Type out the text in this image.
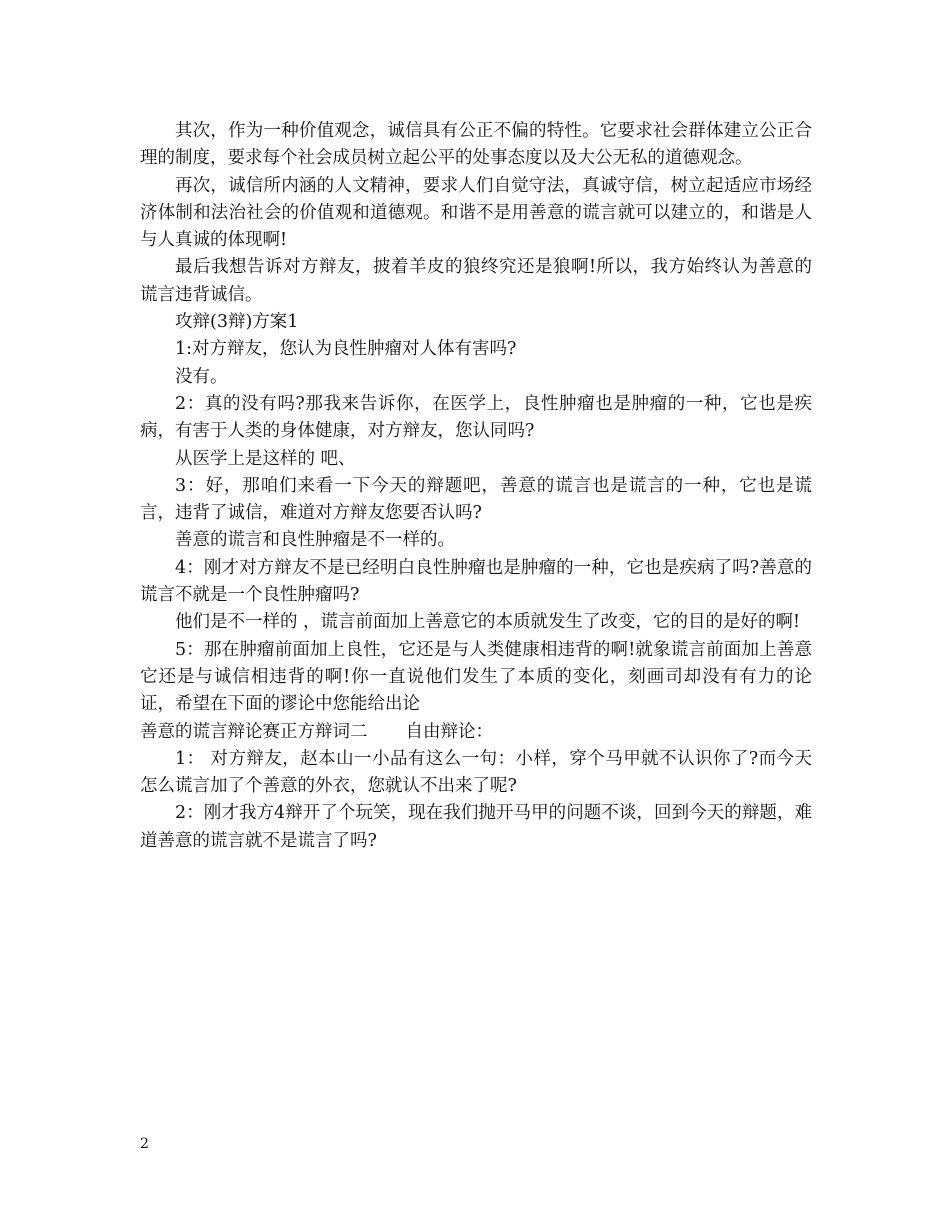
其次，作为一种价值观念，诚信具有公正不偏的特性。它要求社会群体建立公正合理的制度，要求每个社会成员树立起公平的处事态度以及大公无私的道德观念。

再次，诚信所内涵的人文精神，要求人们自觉守法，真诚守信，树立起适应市场经济体制和法治社会的价值观和道德观。和谐不是用善意的谎言就可以建立的，和谐是人与人真诚的体现啊!

最后我想告诉对方辩友，披着羊皮的狼终究还是狼啊!所以，我方始终认为善意的谎言违背诚信。

攻辩(3辩)方案1

1:对方辩友，您认为良性肿瘤对人体有害吗?

没有。

2：真的没有吗?那我来告诉你，在医学上，良性肿瘤也是肿瘤的一种，它也是疾病，有害于人类的身体健康，对方辩友，您认同吗?

从医学上是这样的 吧、

3：好，那咱们来看一下今天的辩题吧，善意的谎言也是谎言的一种，它也是谎言，违背了诚信，难道对方辩友您要否认吗?

善意的谎言和良性肿瘤是不一样的。

4：刚才对方辩友不是已经明白良性肿瘤也是肿瘤的一种，它也是疾病了吗?善意的谎言不就是一个良性肿瘤吗?

他们是不一样的 ，谎言前面加上善意它的本质就发生了改变，它的目的是好的啊!

5：那在肿瘤前面加上良性，它还是与人类健康相违背的啊!就象谎言前面加上善意它还是与诚信相违背的啊!你一直说他们发生了本质的变化，刻画司却没有有力的论证，希望在下面的谬论中您能给出论

善意的谎言辩论赛正方辩词二 自由辩论：

1： 对方辩友，赵本山一小品有这么一句：小样，穿个马甲就不认识你了?而今天怎么谎言加了个善意的外衣，您就认不出来了呢?

2：刚才我方4辩开了个玩笑，现在我们抛开马甲的问题不谈，回到今天的辩题，难道善意的谎言就不是谎言了吗?

2
